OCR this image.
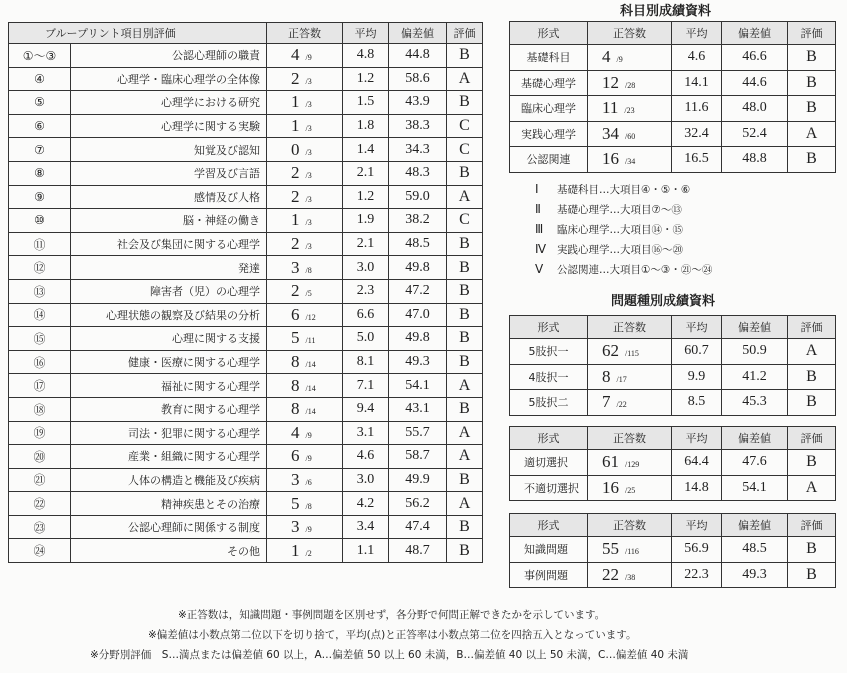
ブループリント項目別評価		正答数	平均	偏差値	評価
①〜③	公認心理師の職責	4 /9	4.8	44.8	B
④	心理学・臨床心理学の全体像	2 /3	1.2	58.6	A
⑤	心理学における研究	1 /3	1.5	43.9	B
⑥	心理学に関する実験	1 /3	1.8	38.3	C
⑦	知覚及び認知	0 /3	1.4	34.3	C
⑧	学習及び言語	2 /3	2.1	48.3	B
⑨	感情及び人格	2 /3	1.2	59.0	A
⑩	脳・神経の働き	1 /3	1.9	38.2	C
⑪	社会及び集団に関する心理学	2 /3	2.1	48.5	B
⑫	発達	3 /8	3.0	49.8	B
⑬	障害者（児）の心理学	2 /5	2.3	47.2	B
⑭	心理状態の観察及び結果の分析	6 /12	6.6	47.0	B
⑮	心理に関する支援	5 /11	5.0	49.8	B
⑯	健康・医療に関する心理学	8 /14	8.1	49.3	B
⑰	福祉に関する心理学	8 /14	7.1	54.1	A
⑱	教育に関する心理学	8 /14	9.4	43.1	B
⑲	司法・犯罪に関する心理学	4 /9	3.1	55.7	A
⑳	産業・組織に関する心理学	6 /9	4.6	58.7	A
㉑	人体の構造と機能及び疾病	3 /6	3.0	49.9	B
㉒	精神疾患とその治療	5 /8	4.2	56.2	A
㉓	公認心理師に関係する制度	3 /9	3.4	47.4	B
㉔	その他	1 /2	1.1	48.7	B
科目別成績資料
形式	正答数	平均	偏差値	評価
基礎科目	4 /9	4.6	46.6	B
基礎心理学	12 /28	14.1	44.6	B
臨床心理学	11 /23	11.6	48.0	B
実践心理学	34 /60	32.4	52.4	A
公認関連	16 /34	16.5	48.8	B
Ⅰ 基礎科目…大項目④・⑤・⑥
Ⅱ 基礎心理学…大項目⑦〜⑬
Ⅲ 臨床心理学…大項目⑭・⑮
Ⅳ 実践心理学…大項目⑯〜⑳
Ⅴ 公認関連…大項目①〜③・㉑〜㉔
問題種別成績資料
形式	正答数	平均	偏差値	評価
5肢択一	62 /115	60.7	50.9	A
4肢択一	8 /17	9.9	41.2	B
5肢択二	7 /22	8.5	45.3	B
形式	正答数	平均	偏差値	評価
適切選択	61 /129	64.4	47.6	B
不適切選択	16 /25	14.8	54.1	A
形式	正答数	平均	偏差値	評価
知識問題	55 /116	56.9	48.5	B
事例問題	22 /38	22.3	49.3	B
※正答数は，知識問題・事例問題を区別せず，各分野で何問正解できたかを示しています。
※偏差値は小数点第二位以下を切り捨て，平均(点)と正答率は小数点第二位を四捨五入となっています。
※分野別評価　S…満点または偏差値 60 以上，A…偏差値 50 以上 60 未満，B…偏差値 40 以上 50 未満，C…偏差値 40 未満
